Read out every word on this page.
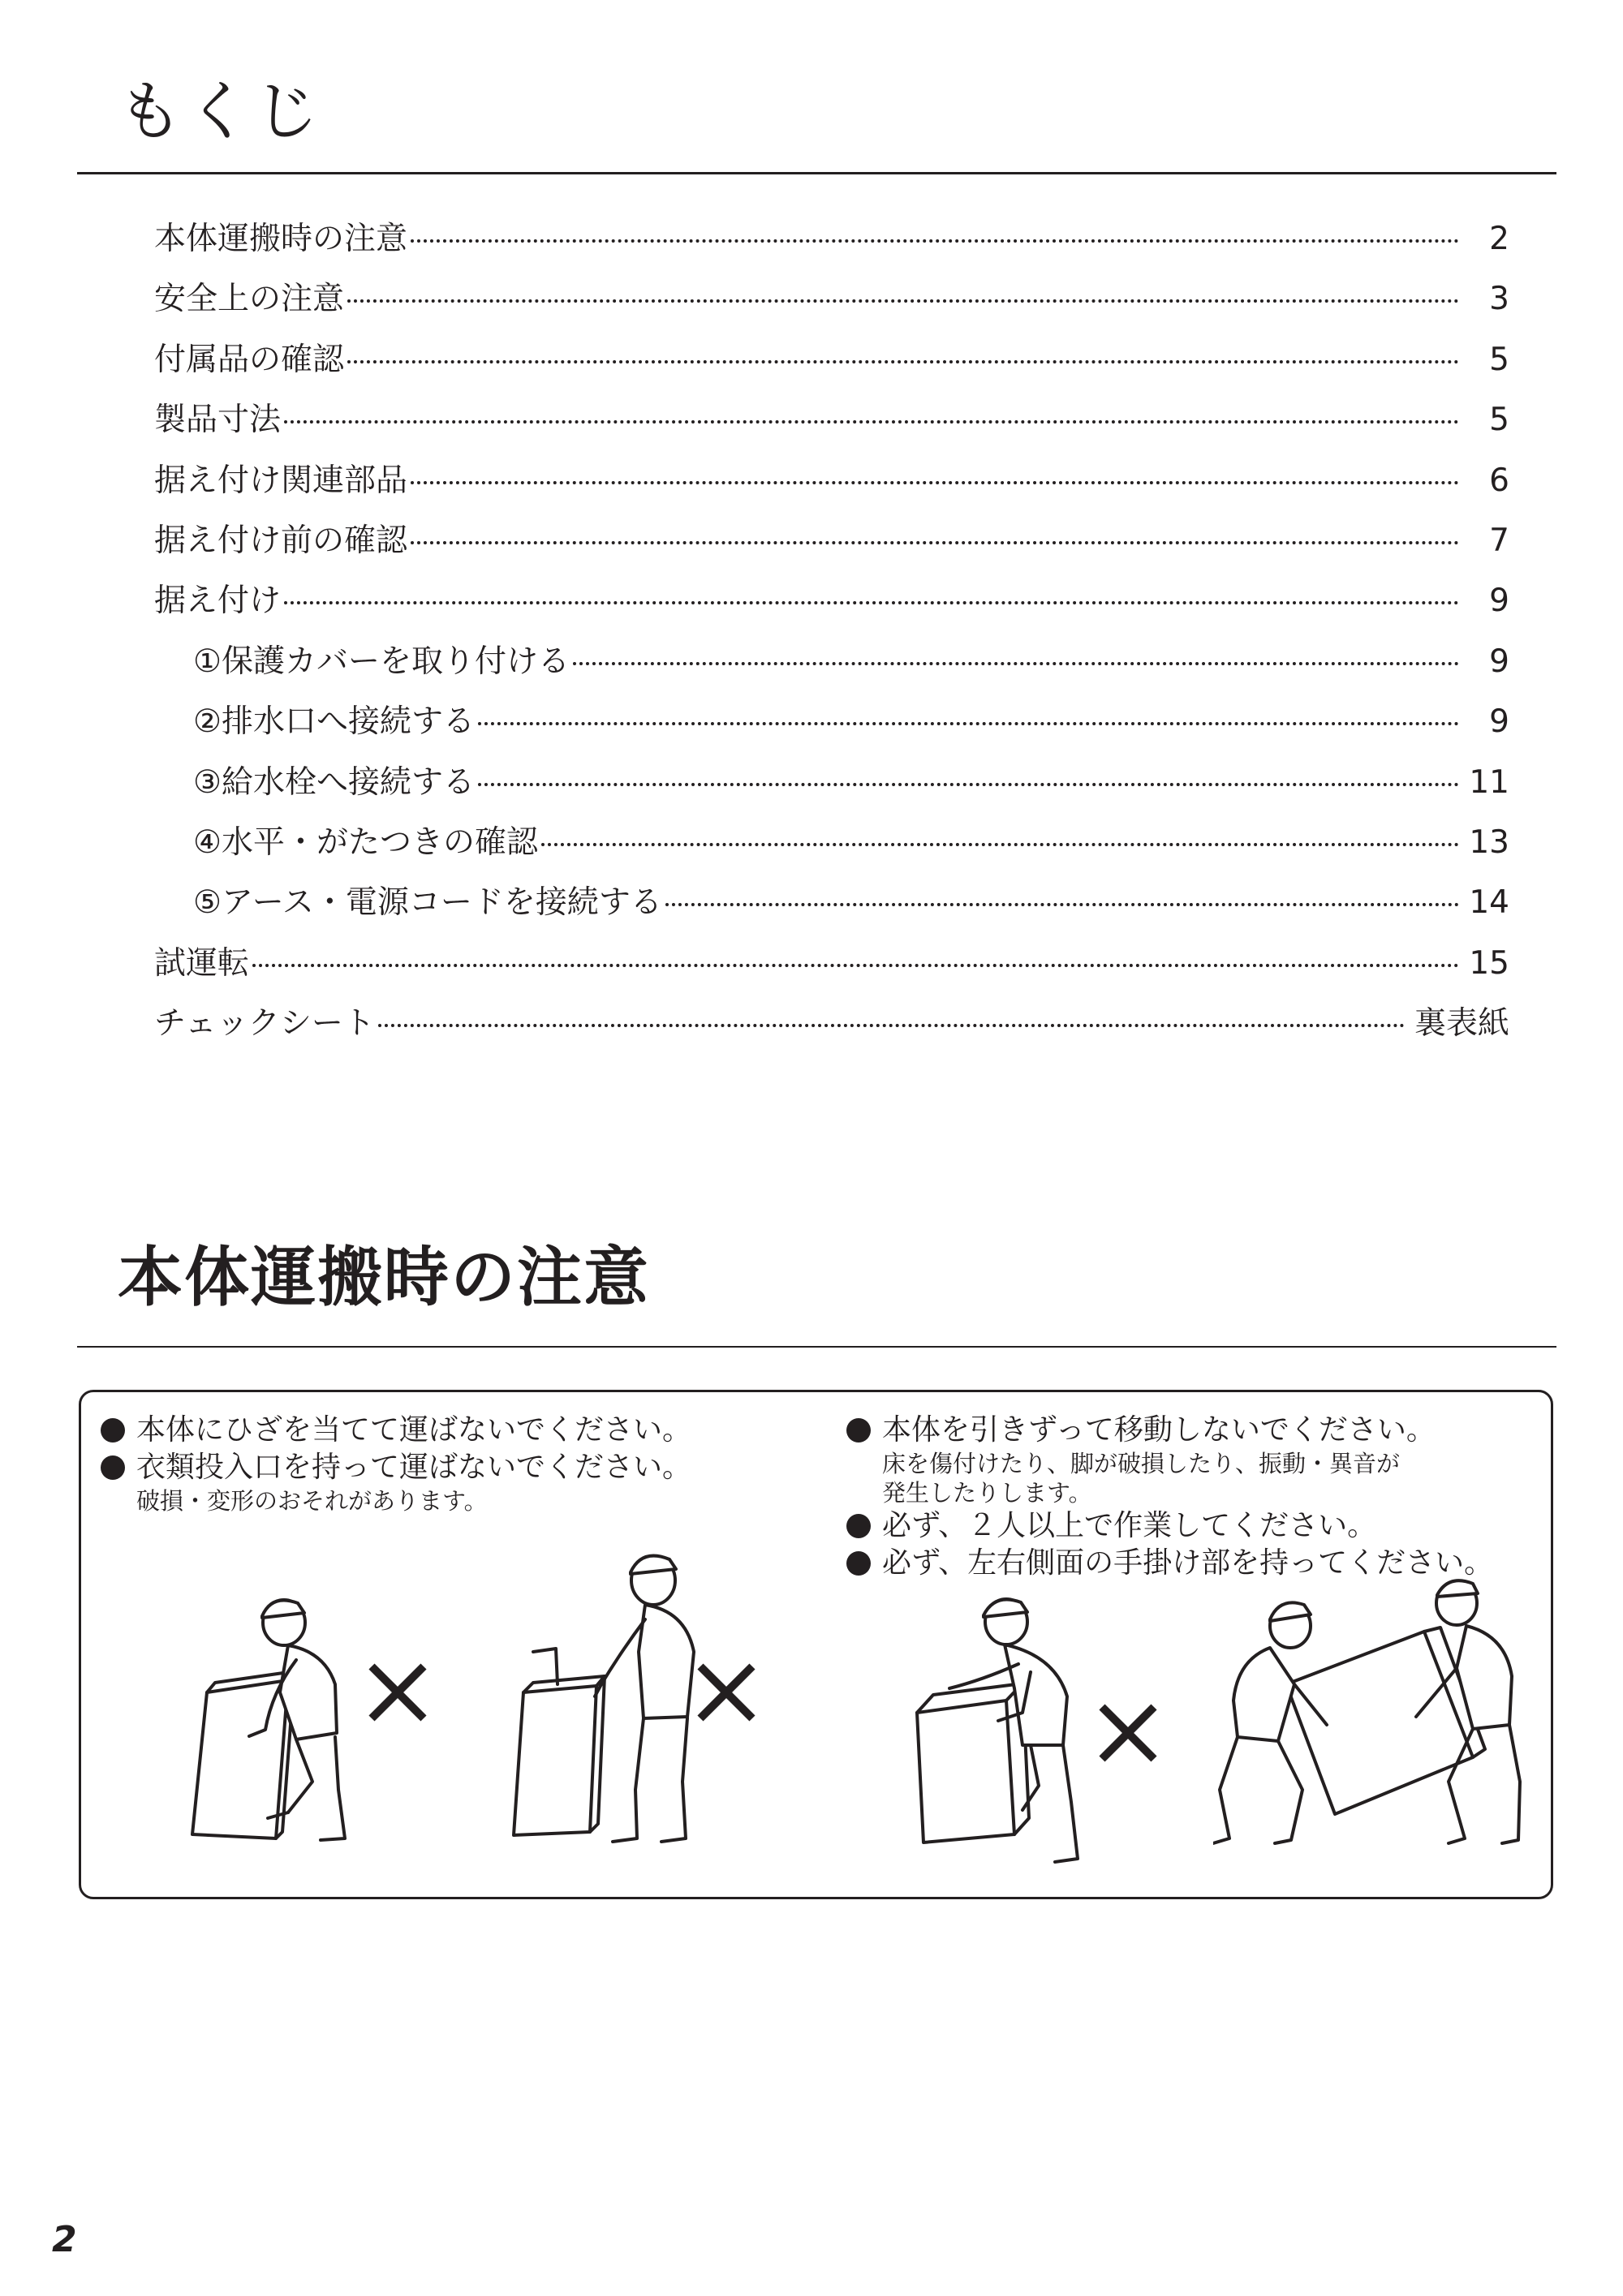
もくじ
本体運搬時の注意	2
安全上の注意	3
付属品の確認	5
製品寸法	5
据え付け関連部品	6
据え付け前の確認	7
据え付け	9
①保護カバーを取り付ける	9
②排水口へ接続する	9
③給水栓へ接続する	11
④水平・がたつきの確認	13
⑤アース・電源コードを接続する	14
試運転	15
チェックシート	裏表紙
本体運搬時の注意
本体にひざを当てて運ばないでください。
衣類投入口を持って運ばないでください。
破損・変形のおそれがあります。
本体を引きずって移動しないでください。
床を傷付けたり、脚が破損したり、振動・異音が
発生したりします。
必ず、２人以上で作業してください。
必ず、左右側面の手掛け部を持ってください。
2
